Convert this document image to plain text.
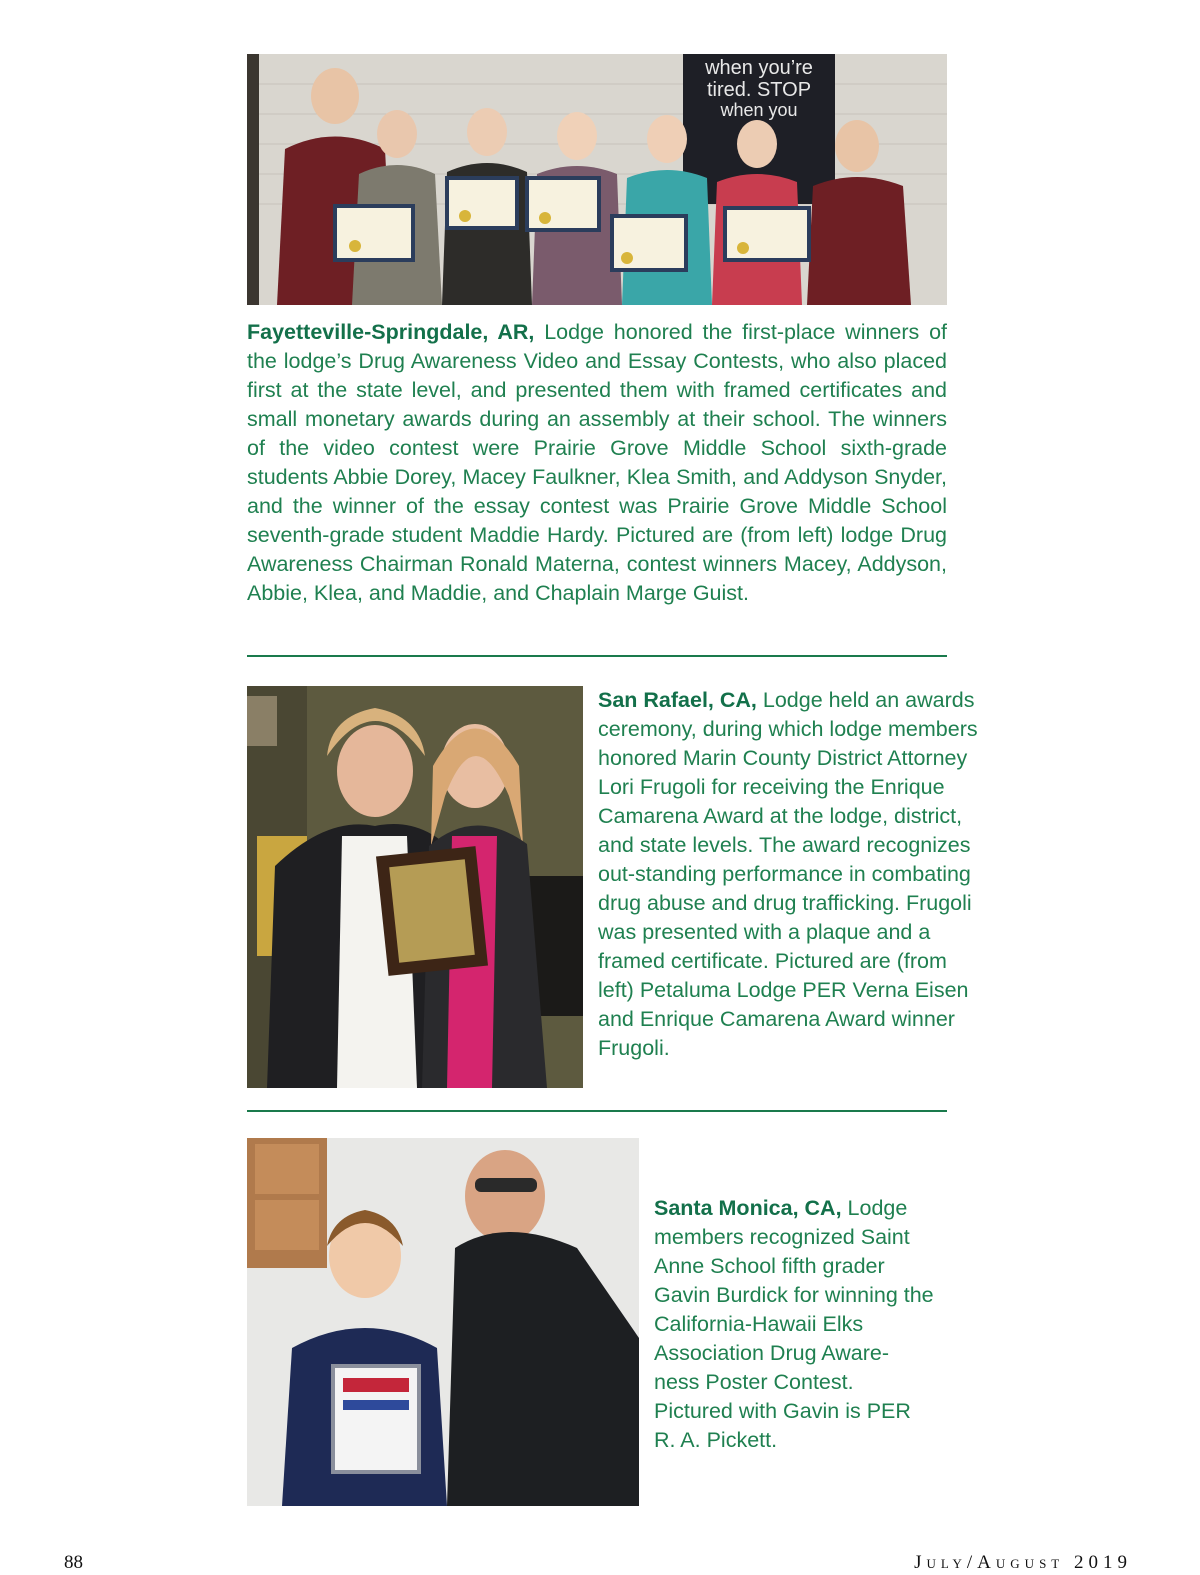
when you’re
tired. STOP
when you
Fayetteville-Springdale, AR, Lodge honored the first-place winners of the lodge’s Drug Awareness Video and Essay Contests, who also placed first at the state level, and presented them with framed certificates and small monetary awards during an assembly at their school. The winners of the video contest were Prairie Grove Middle School sixth-grade students Abbie Dorey, Macey Faulkner, Klea Smith, and Addyson Snyder, and the winner of the essay contest was Prairie Grove Middle School seventh-grade student Maddie Hardy. Pictured are (from left) lodge Drug Awareness Chairman Ronald Materna, contest winners Macey, Addyson, Abbie, Klea, and Maddie, and Chaplain Marge Guist.
San Rafael, CA, Lodge held an awards ceremony, during which lodge members honored Marin County District Attorney Lori Frugoli for receiving the Enrique Camarena Award at the lodge, district, and state levels. The award recognizes out-standing performance in combating drug abuse and drug trafficking. Frugoli was presented with a plaque and a framed certificate. Pictured are (from left) Petaluma Lodge PER Verna Eisen and Enrique Camarena Award winner Frugoli.
Santa Monica, CA, Lodge members recognized Saint Anne School fifth grader Gavin Burdick for winning the California-Hawaii Elks Association Drug Aware-ness Poster Contest. Pictured with Gavin is PER R. A. Pickett.
88	July/August 2019
